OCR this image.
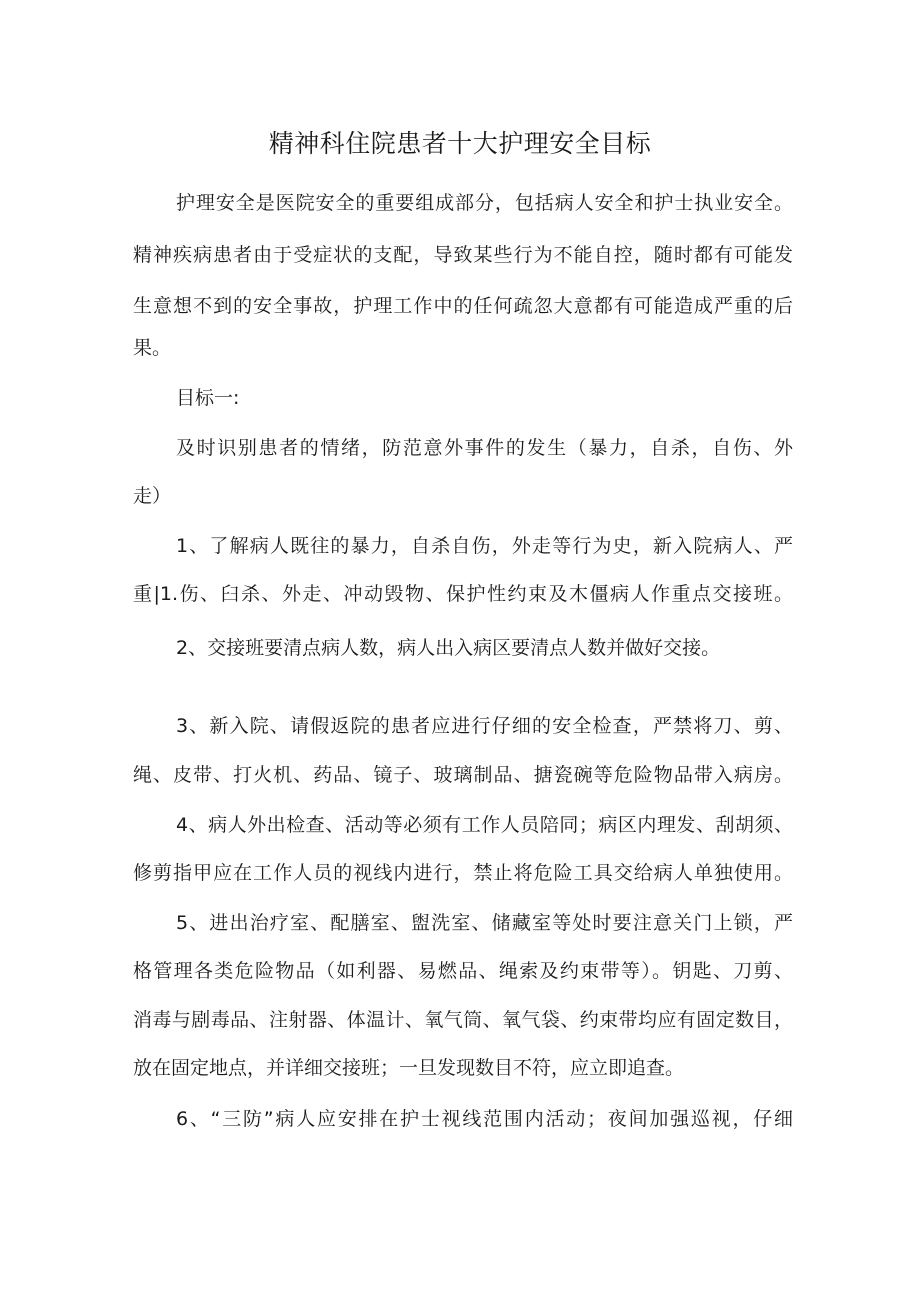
精神科住院患者十大护理安全目标
护理安全是医院安全的重要组成部分，包括病人安全和护士执业安全。
精神疾病患者由于受症状的支配，导致某些行为不能自控，随时都有可能发
生意想不到的安全事故，护理工作中的任何疏忽大意都有可能造成严重的后
果。
目标一:
及时识别患者的情绪，防范意外事件的发生（暴力，自杀，自伤、外
走）
1、了解病人既往的暴力，自杀自伤，外走等行为史，新入院病人、严
重|1.伤、臼杀、外走、冲动毁物、保护性约束及木僵病人作重点交接班。
2、交接班要清点病人数，病人出入病区要清点人数并做好交接。
3、新入院、请假返院的患者应进行仔细的安全检查，严禁将刀、剪、
绳、皮带、打火机、药品、镜子、玻璃制品、搪瓷碗等危险物品带入病房。
4、病人外出检查、活动等必须有工作人员陪同；病区内理发、刮胡须、
修剪指甲应在工作人员的视线内进行，禁止将危险工具交给病人单独使用。
5、进出治疗室、配膳室、盥洗室、储藏室等处时要注意关门上锁，严
格管理各类危险物品（如利器、易燃品、绳索及约束带等）。钥匙、刀剪、
消毒与剧毒品、注射器、体温计、氧气筒、氧气袋、约束带均应有固定数目，
放在固定地点，并详细交接班；一旦发现数目不符，应立即追查。
6、“三防”病人应安排在护士视线范围内活动；夜间加强巡视，仔细
